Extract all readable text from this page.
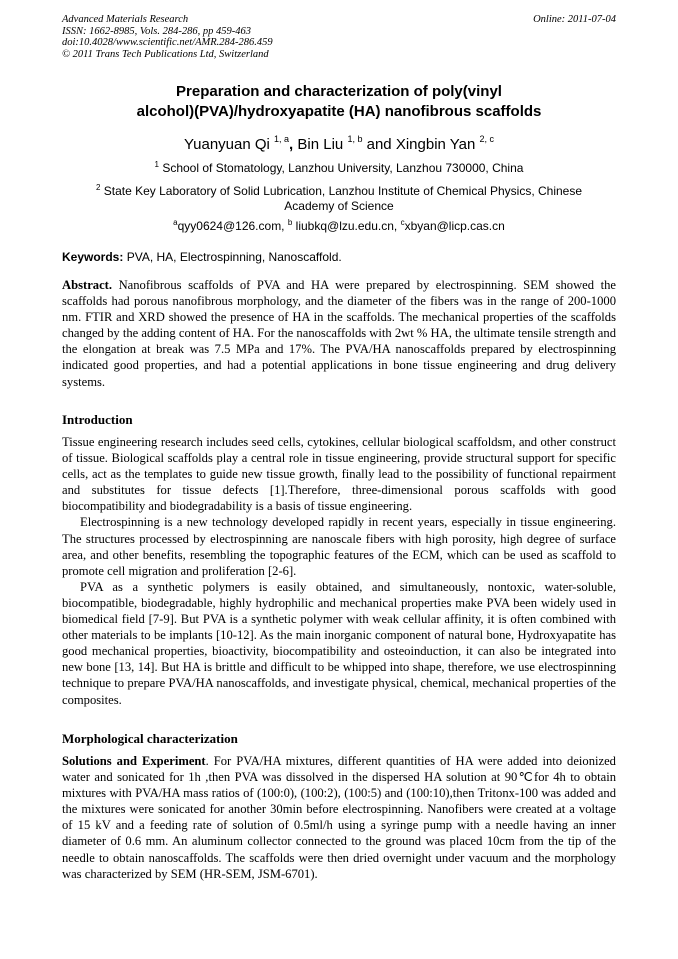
Advanced Materials Research
ISSN: 1662-8985, Vols. 284-286, pp 459-463
doi:10.4028/www.scientific.net/AMR.284-286.459
© 2011 Trans Tech Publications Ltd, Switzerland
Online: 2011-07-04
Preparation and characterization of poly(vinyl
alcohol)(PVA)/hydroxyapatite (HA) nanofibrous scaffolds
Yuanyuan Qi $^{1, a}$, Bin Liu $^{1, b}$ and Xingbin Yan $^{2, c}$
$^1$ School of Stomatology, Lanzhou University, Lanzhou 730000, China
$^2$ State Key Laboratory of Solid Lubrication, Lanzhou Institute of Chemical Physics, Chinese
Academy of Science
$^a$qyy0624@126.com, $^b$ liubkq@lzu.edu.cn, $^c$xbyan@licp.cas.cn
Keywords: PVA, HA, Electrospinning, Nanoscaffold.

Abstract. Nanofibrous scaffolds of PVA and HA were prepared by electrospinning. SEM showed the scaffolds had porous nanofibrous morphology, and the diameter of the fibers was in the range of 200-1000 nm. FTIR and XRD showed the presence of HA in the scaffolds. The mechanical properties of the scaffolds changed by the adding content of HA. For the nanoscaffolds with 2wt % HA, the ultimate tensile strength and the elongation at break was 7.5 MPa and 17%. The PVA/HA nanoscaffolds prepared by electrospinning indicated good properties, and had a potential applications in bone tissue engineering and drug delivery systems.

Introduction

Tissue engineering research includes seed cells, cytokines, cellular biological scaffoldsm, and other construct of tissue. Biological scaffolds play a central role in tissue engineering, provide structural support for specific cells, act as the templates to guide new tissue growth, finally lead to the possibility of functional repairment and substitutes for tissue defects [1].Therefore, three-dimensional porous scaffolds with good biocompatibility and biodegradability is a basis of tissue engineering.

Electrospinning is a new technology developed rapidly in recent years, especially in tissue engineering. The structures processed by electrospinning are nanoscale fibers with high porosity, high degree of surface area, and other benefits, resembling the topographic features of the ECM, which can be used as scaffold to promote cell migration and proliferation [2-6].

PVA as a synthetic polymers is easily obtained, and simultaneously, nontoxic, water-soluble, biocompatible, biodegradable, highly hydrophilic and mechanical properties make PVA been widely used in biomedical field [7-9]. But PVA is a synthetic polymer with weak cellular affinity, it is often combined with other materials to be implants [10-12]. As the main inorganic component of natural bone, Hydroxyapatite has good mechanical properties, bioactivity, biocompatibility and osteoinduction, it can also be integrated into new bone [13, 14]. But HA is brittle and difficult to be whipped into shape, therefore, we use electrospinning technique to prepare PVA/HA nanoscaffolds, and investigate physical, chemical, mechanical properties of the composites.

Morphological characterization

Solutions and Experiment. For PVA/HA mixtures, different quantities of HA were added into deionized water and sonicated for 1h ,then PVA was dissolved in the dispersed HA solution at 90℃for 4h to obtain mixtures with PVA/HA mass ratios of (100:0), (100:2), (100:5) and (100:10),then Tritonx-100 was added and the mixtures were sonicated for another 30min before electrospinning. Nanofibers were created at a voltage of 15 kV and a feeding rate of solution of 0.5ml/h using a syringe pump with a needle having an inner diameter of 0.6 mm. An aluminum collector connected to the ground was placed 10cm from the tip of the needle to obtain nanoscaffolds. The scaffolds were then dried overnight under vacuum and the morphology was characterized by SEM (HR-SEM, JSM-6701).
